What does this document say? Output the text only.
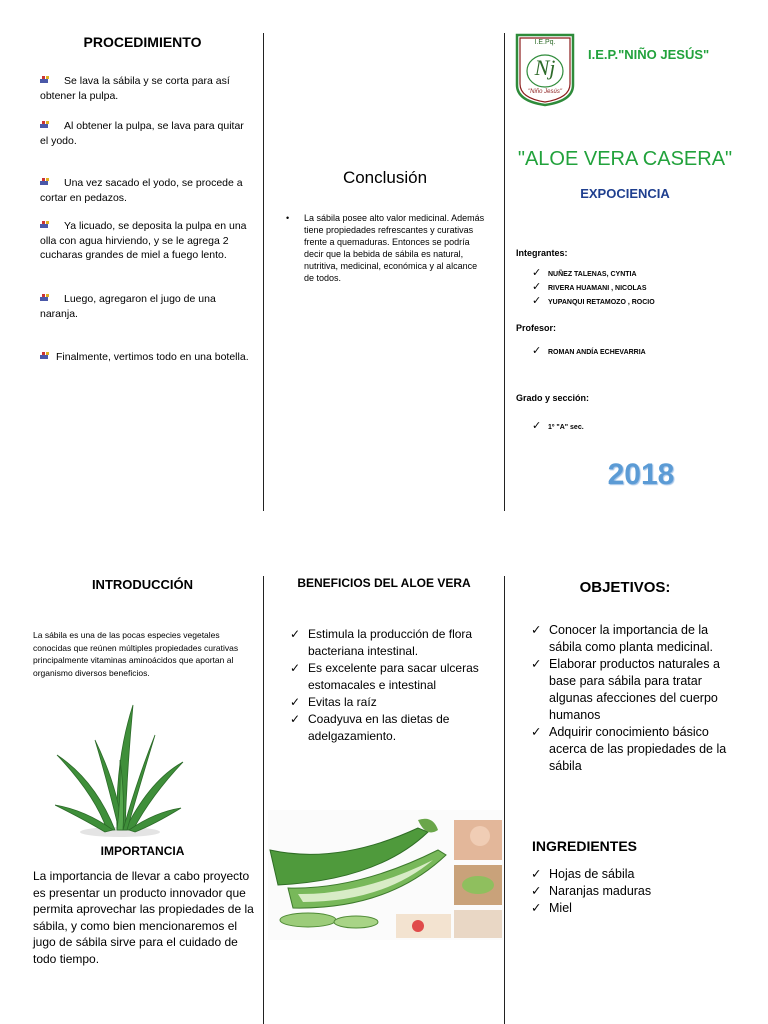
PROCEDIMIENTO
Se lava la sábila y se corta para así obtener la pulpa.
Al obtener la pulpa, se lava para quitar el yodo.
Una vez sacado el yodo, se procede a cortar en pedazos.
Ya licuado, se deposita la pulpa en una olla con agua hirviendo, y se le agrega 2 cucharas grandes de miel a fuego lento.
Luego, agregaron el jugo de una naranja.
Finalmente, vertimos todo en una botella.
Conclusión
• La sábila posee alto valor medicinal. Además tiene propiedades refrescantes y curativas frente a quemaduras. Entonces se podría decir que la bebida de sábila es natural, nutritiva, medicinal, económica y al alcance de todos.
I.E.Pq.
Nj
"Niño Jesús"
I.E.P."NIÑO JESÚS"
"ALOE VERA CASERA"
EXPOCIENCIA
Integrantes:
✓ NUÑEZ TALENAS, CYNTIA
✓ RIVERA HUAMANI , NICOLAS
✓ YUPANQUI RETAMOZO , ROCIO
Profesor:
✓ ROMAN ANDÍA ECHEVARRIA
Grado y sección:
✓ 1º "A" sec.
2018
INTRODUCCIÓN
La sábila es una de las pocas especies vegetales conocidas que reúnen múltiples propiedades curativas principalmente vitaminas aminoácidos que aportan al organismo diversos beneficios.
IMPORTANCIA
La importancia de llevar a cabo proyecto es presentar un producto innovador que permita aprovechar las propiedades de la sábila, y como bien mencionaremos el jugo de sábila sirve para el cuidado de todo tiempo.
BENEFICIOS DEL ALOE VERA
✓ Estimula la producción de flora bacteriana intestinal.
✓ Es excelente para sacar ulceras estomacales e intestinal
✓ Evitas la raíz
✓ Coadyuva en las dietas de adelgazamiento.
OBJETIVOS:
✓ Conocer la importancia de la sábila como planta medicinal.
✓ Elaborar productos naturales a base para sábila para tratar algunas afecciones del cuerpo humanos
✓ Adquirir conocimiento básico acerca de las propiedades de la sábila
INGREDIENTES
✓ Hojas de sábila
✓ Naranjas maduras
✓ Miel
